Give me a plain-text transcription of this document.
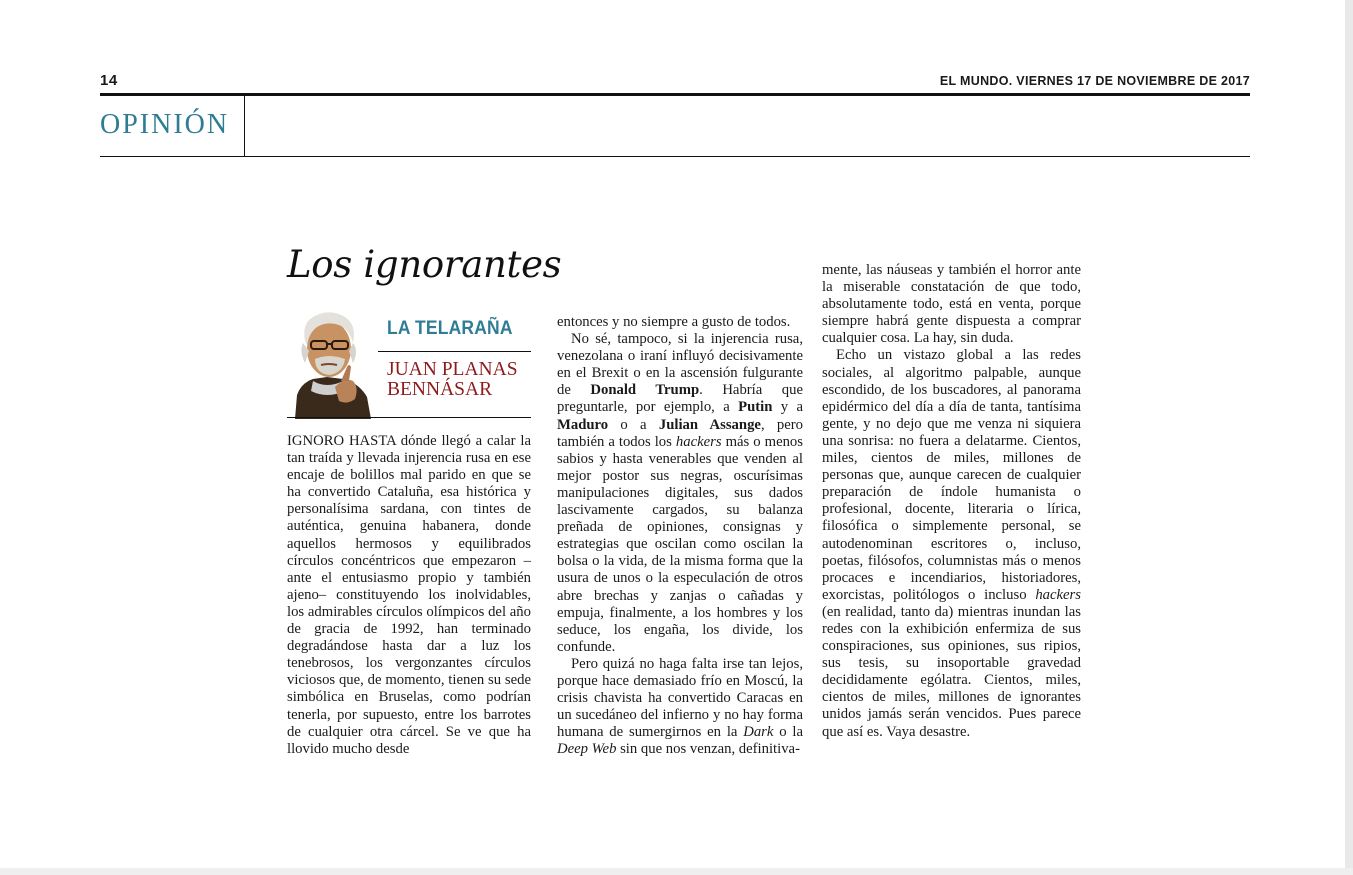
14	EL MUNDO. VIERNES 17 DE NOVIEMBRE DE 2017
OPINIÓN
Los ignorantes
LA TELARAÑA
JUAN PLANAS
BENNÁSAR

IGNORO HASTA dónde llegó a calar la tan traída y llevada injerencia rusa en ese encaje de bolillos mal parido en que se ha convertido Cataluña, esa histórica y personalísima sardana, con tintes de auténtica, genuina habanera, donde aquellos hermosos y equilibrados círculos concéntricos que empezaron –ante el entusiasmo propio y también ajeno– constituyendo los inolvidables, los admirables círculos olímpicos del año de gracia de 1992, han terminado degradándose hasta dar a luz los tenebrosos, los vergonzantes círculos viciosos que, de momento, tienen su sede simbólica en Bruselas, como podrían tenerla, por supuesto, entre los barrotes de cualquier otra cárcel. Se ve que ha llovido mucho desde

entonces y no siempre a gusto de todos.

No sé, tampoco, si la injerencia rusa, venezolana o iraní influyó decisivamente en el Brexit o en la ascensión fulgurante de Donald Trump. Habría que preguntarle, por ejemplo, a Putin y a Maduro o a Julian Assange, pero también a todos los hackers más o menos sabios y hasta venerables que venden al mejor postor sus negras, oscurísimas manipulaciones digitales, sus dados lascivamente cargados, su balanza preñada de opiniones, consignas y estrategias que oscilan como oscilan la bolsa o la vida, de la misma forma que la usura de unos o la especulación de otros abre brechas y zanjas o cañadas y empuja, finalmente, a los hombres y los seduce, los engaña, los divide, los confunde.

Pero quizá no haga falta irse tan lejos, porque hace demasiado frío en Moscú, la crisis chavista ha convertido Caracas en un sucedáneo del infierno y no hay forma humana de sumergirnos en la Dark o la Deep Web sin que nos venzan, definitiva-

mente, las náuseas y también el horror ante la miserable constatación de que todo, absolutamente todo, está en venta, porque siempre habrá gente dispuesta a comprar cualquier cosa. La hay, sin duda.

Echo un vistazo global a las redes sociales, al algoritmo palpable, aunque escondido, de los buscadores, al panorama epidérmico del día a día de tanta, tantísima gente, y no dejo que me venza ni siquiera una sonrisa: no fuera a delatarme. Cientos, miles, cientos de miles, millones de personas que, aunque carecen de cualquier preparación de índole humanista o profesional, docente, literaria o lírica, filosófica o simplemente personal, se autodenominan escritores o, incluso, poetas, filósofos, columnistas más o menos procaces e incendiarios, historiadores, exorcistas, politólogos o incluso hackers (en realidad, tanto da) mientras inundan las redes con la exhibición enfermiza de sus conspiraciones, sus opiniones, sus ripios, sus tesis, su insoportable gravedad decididamente ególatra. Cientos, miles, cientos de miles, millones de ignorantes unidos jamás serán vencidos. Pues parece que así es. Vaya desastre.
